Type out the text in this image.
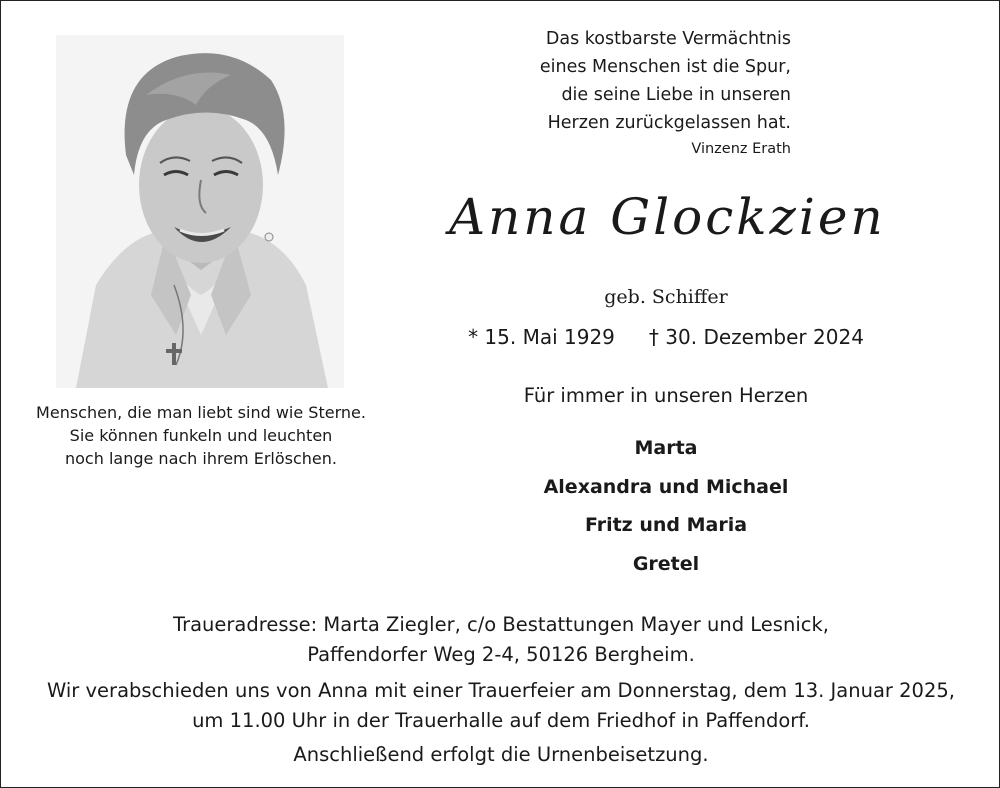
Menschen, die man liebt sind wie Sterne.
Sie können funkeln und leuchten
noch lange nach ihrem Erlöschen.
Das kostbarste Vermächtnis
eines Menschen ist die Spur,
die seine Liebe in unseren
Herzen zurückgelassen hat.
Vinzenz Erath
Anna Glockzien
geb. Schiffer
* 15. Mai 1929 † 30. Dezember 2024
Für immer in unseren Herzen
Marta
Alexandra und Michael
Fritz und Maria
Gretel
Traueradresse: Marta Ziegler, c/o Bestattungen Mayer und Lesnick,
Paffendorfer Weg 2-4, 50126 Bergheim.
Wir verabschieden uns von Anna mit einer Trauerfeier am Donnerstag, dem 13. Januar 2025,
um 11.00 Uhr in der Trauerhalle auf dem Friedhof in Paffendorf.
Anschließend erfolgt die Urnenbeisetzung.
